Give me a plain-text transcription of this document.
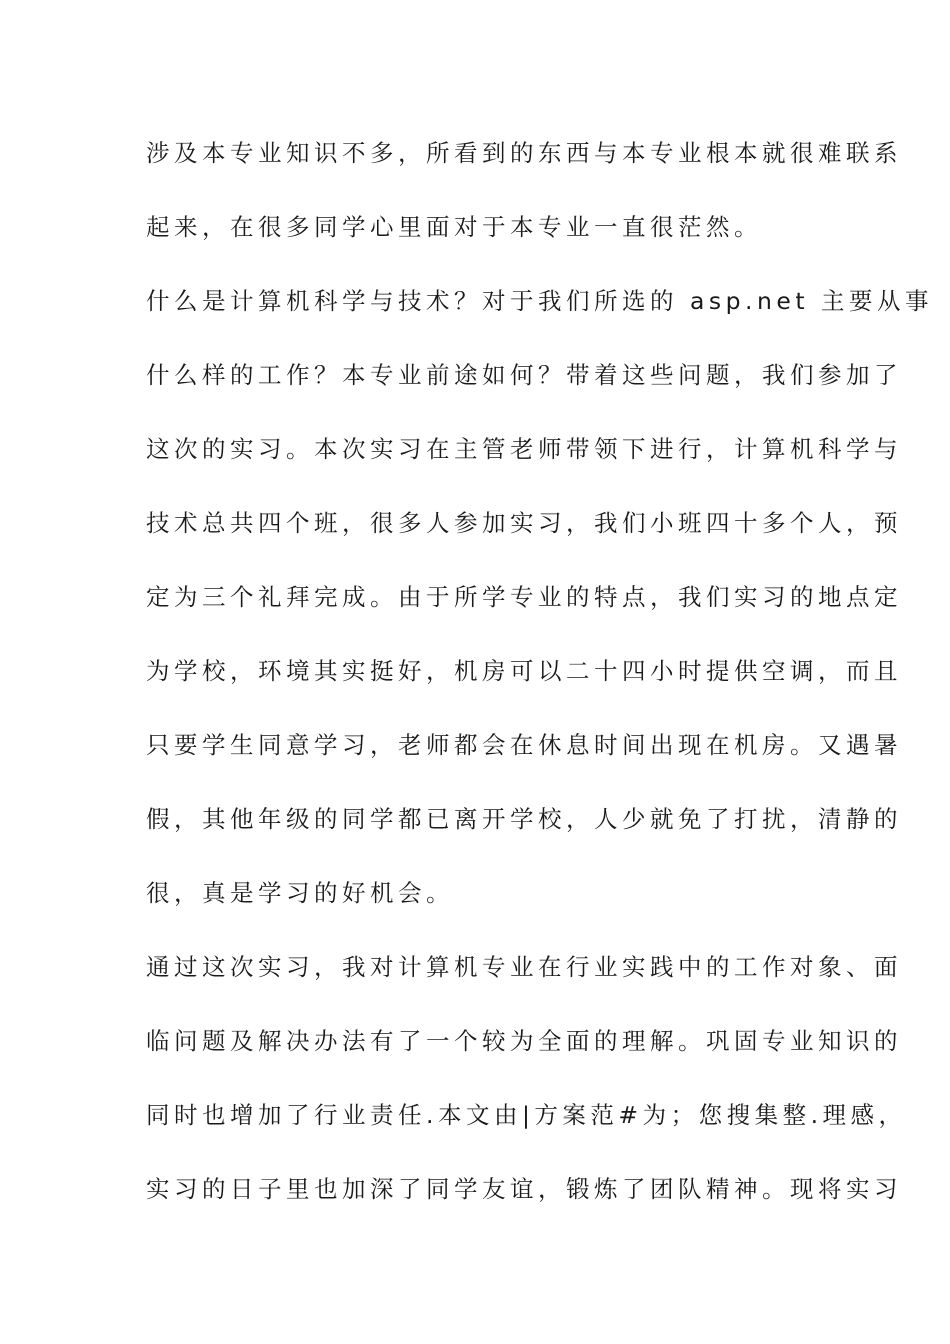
涉及本专业知识不多，所看到的东西与本专业根本就很难联系
起来，在很多同学心里面对于本专业一直很茫然。
什么是计算机科学与技术？对于我们所选的 asp.net 主要从事
什么样的工作？本专业前途如何？带着这些问题，我们参加了
这次的实习。本次实习在主管老师带领下进行，计算机科学与
技术总共四个班，很多人参加实习，我们小班四十多个人，预
定为三个礼拜完成。由于所学专业的特点，我们实习的地点定
为学校，环境其实挺好，机房可以二十四小时提供空调，而且
只要学生同意学习，老师都会在休息时间出现在机房。又遇暑
假，其他年级的同学都已离开学校，人少就免了打扰，清静的
很，真是学习的好机会。
通过这次实习，我对计算机专业在行业实践中的工作对象、面
临问题及解决办法有了一个较为全面的理解。巩固专业知识的
同时也增加了行业责任.本文由|方案范#为；您搜集整.理感，
实习的日子里也加深了同学友谊，锻炼了团队精神。现将实习
